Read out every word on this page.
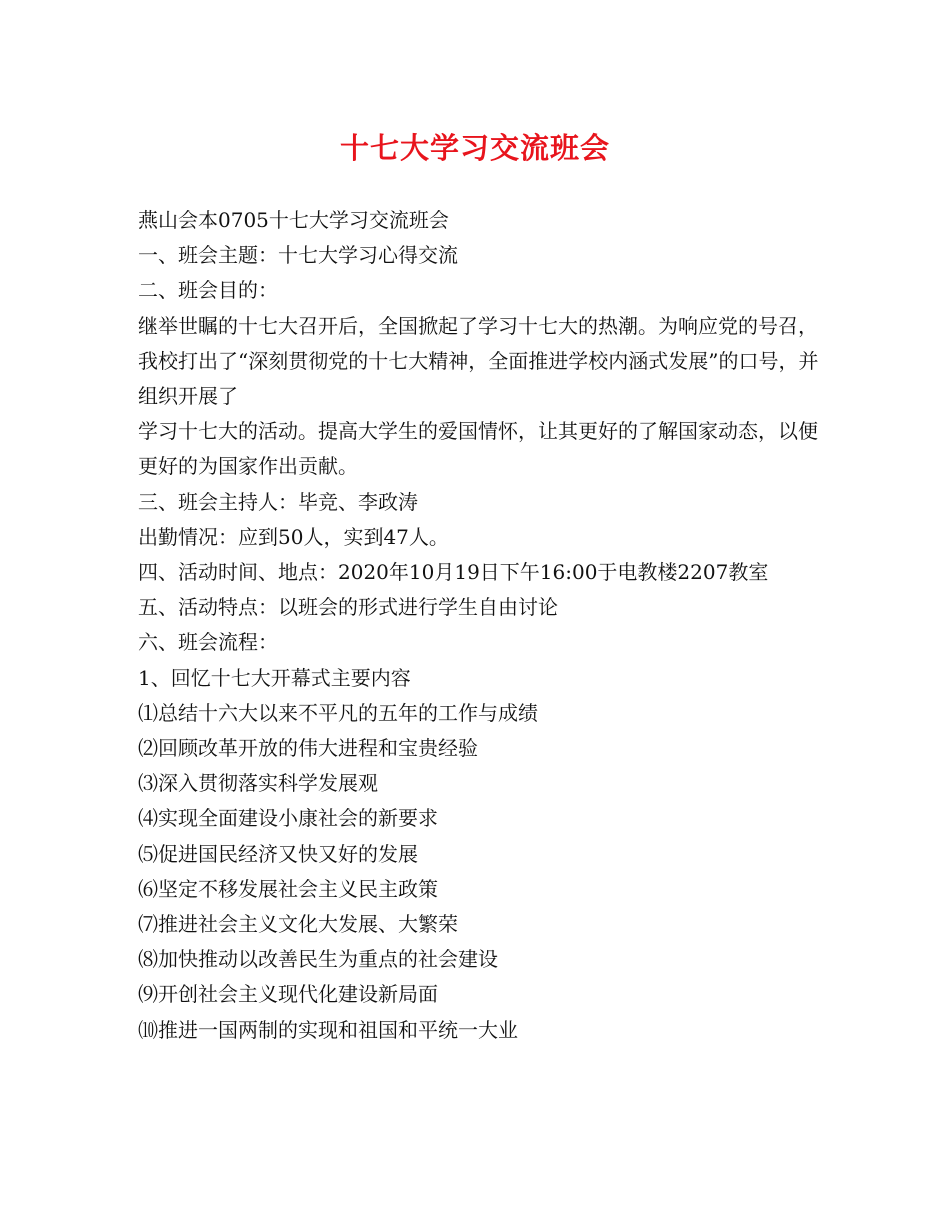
十七大学习交流班会

燕山会本0705十七大学习交流班会

一、班会主题：十七大学习心得交流

二、班会目的：

继举世瞩的十七大召开后，全国掀起了学习十七大的热潮。为响应党的号召，我校打出了“深刻贯彻党的十七大精神，全面推进学校内涵式发展”的口号，并组织开展了

学习十七大的活动。提高大学生的爱国情怀，让其更好的了解国家动态，以便更好的为国家作出贡献。

三、班会主持人：毕竞、李政涛

出勤情况：应到50人，实到47人。

四、活动时间、地点：2020年10月19日下午16:00于电教楼2207教室

五、活动特点：以班会的形式进行学生自由讨论

六、班会流程：

1、回忆十七大开幕式主要内容

⑴总结十六大以来不平凡的五年的工作与成绩

⑵回顾改革开放的伟大进程和宝贵经验

⑶深入贯彻落实科学发展观

⑷实现全面建设小康社会的新要求

⑸促进国民经济又快又好的发展

⑹坚定不移发展社会主义民主政策

⑺推进社会主义文化大发展、大繁荣

⑻加快推动以改善民生为重点的社会建设

⑼开创社会主义现代化建设新局面

⑽推进一国两制的实现和祖国和平统一大业
